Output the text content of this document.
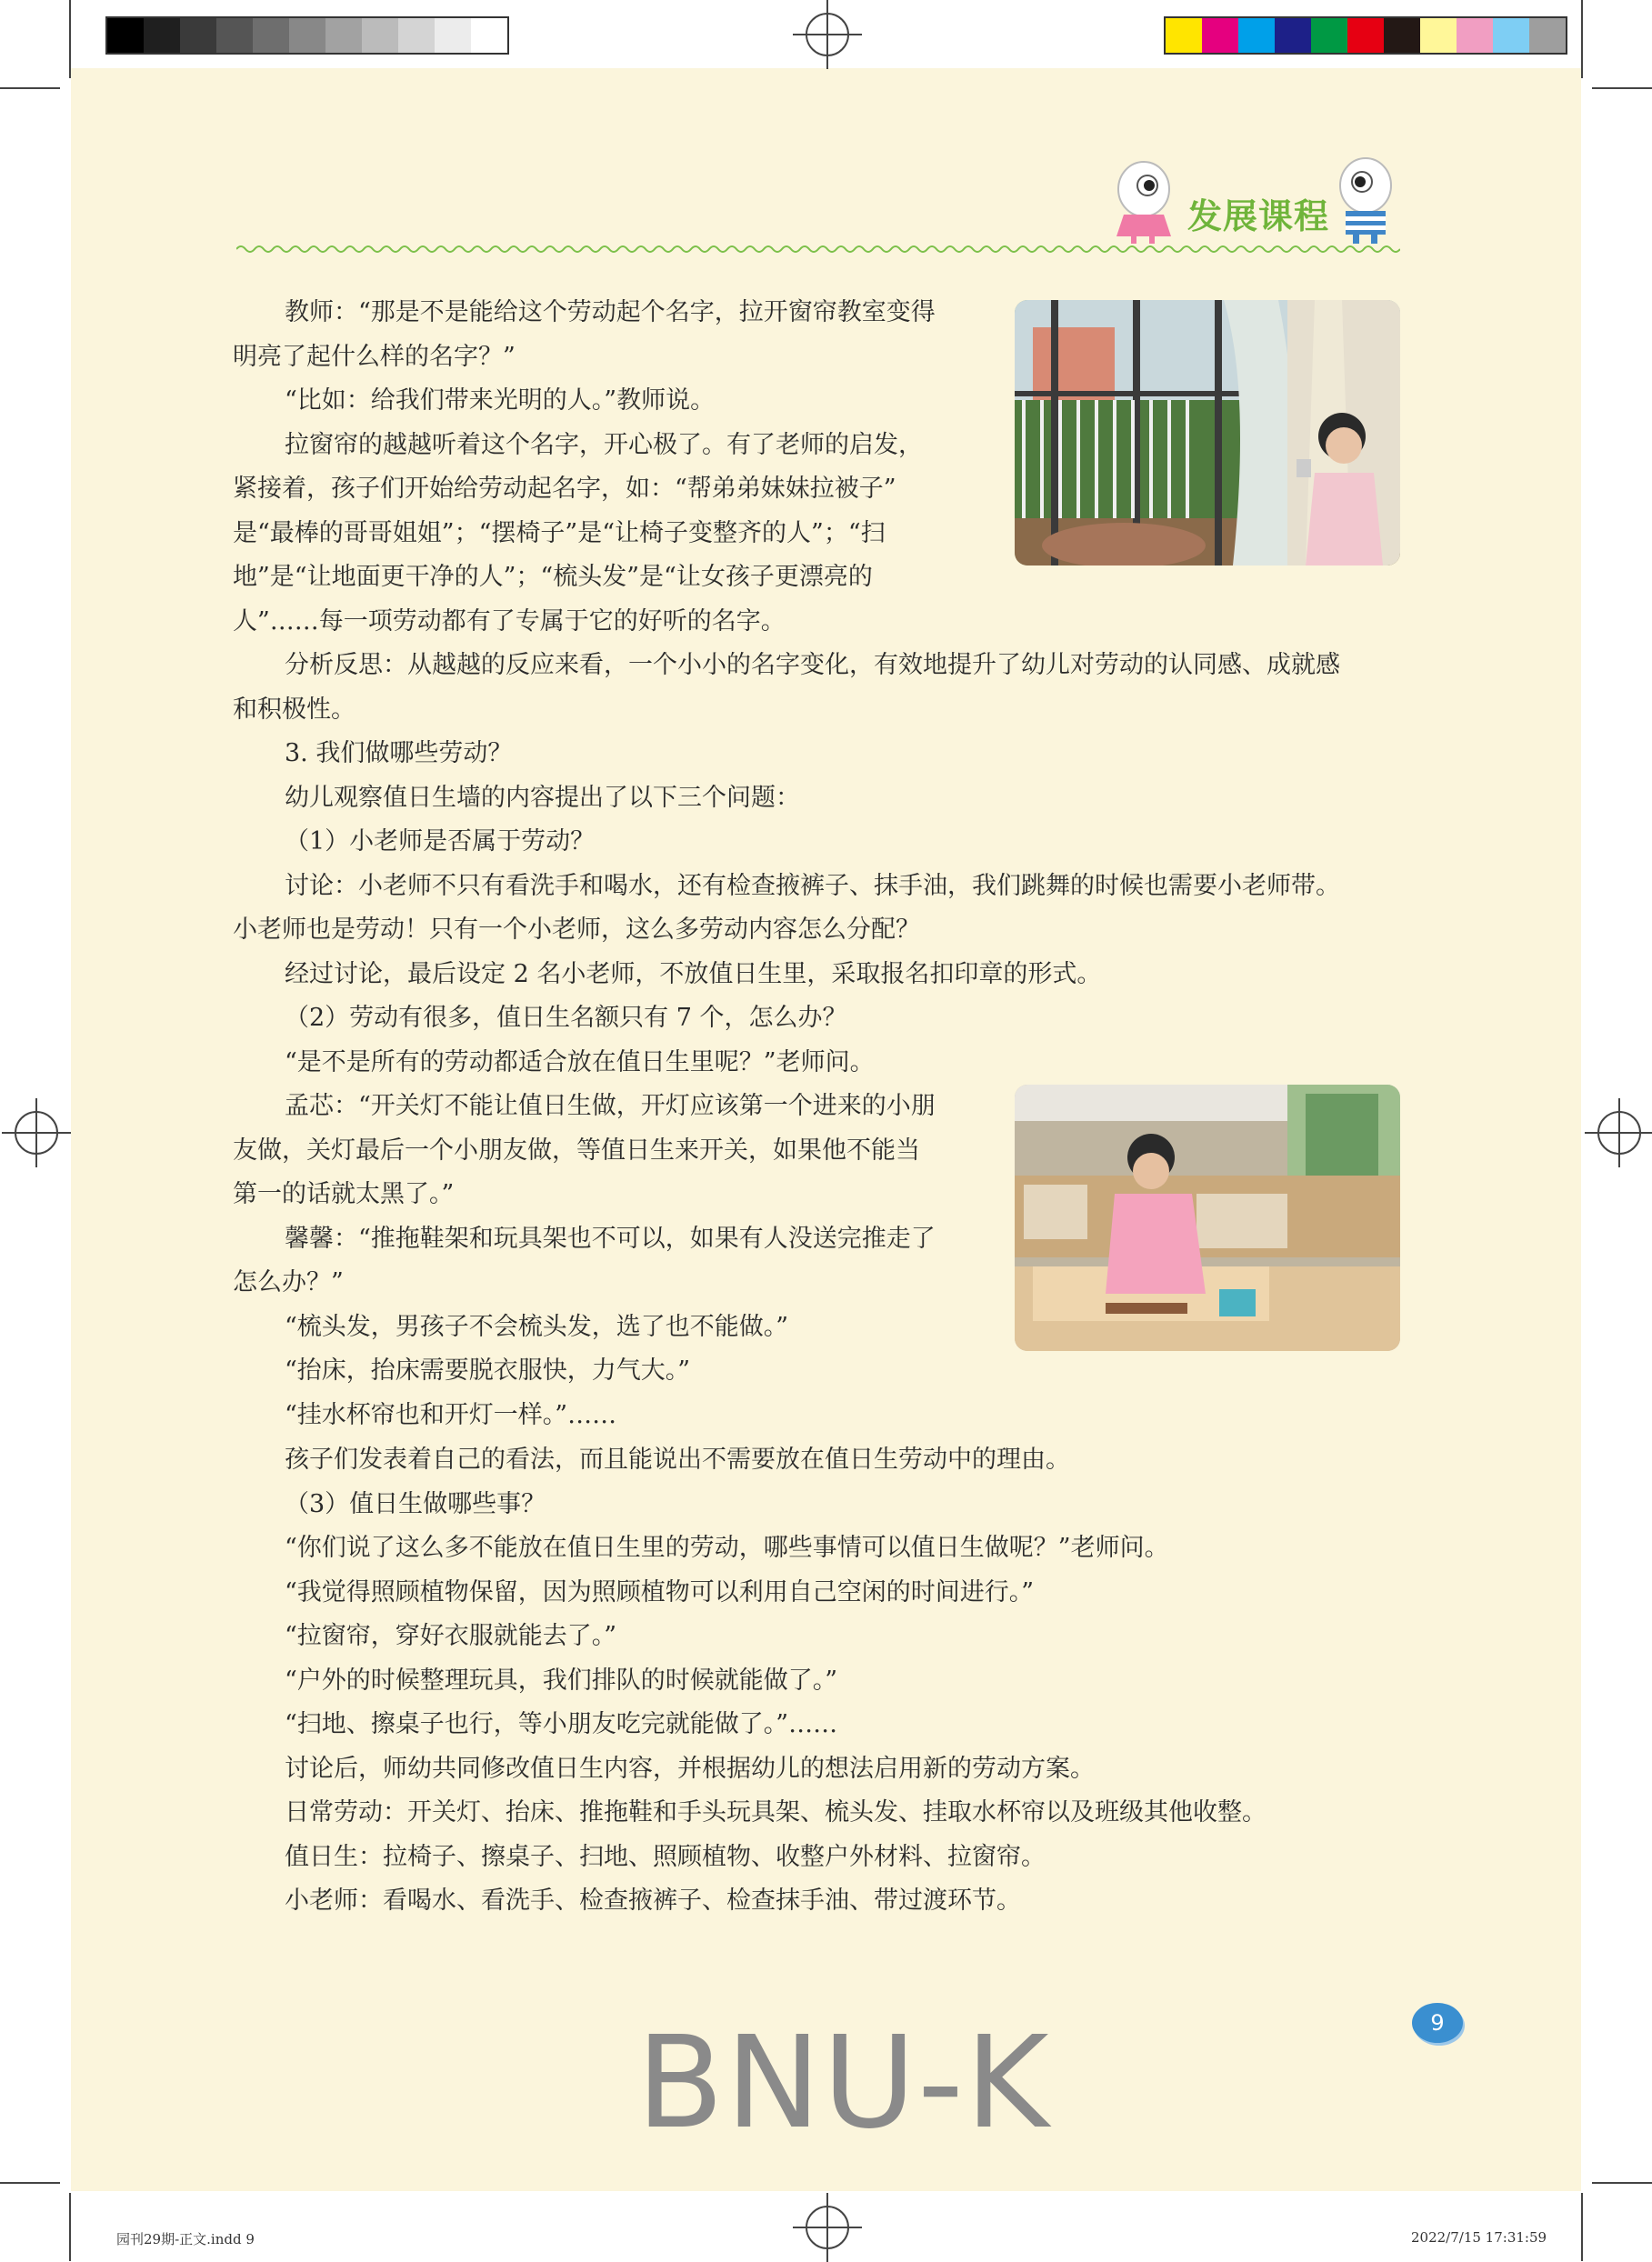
发展课程

教师：“那是不是能给这个劳动起个名字，拉开窗帘教室变得

明亮了起什么样的名字？”

“比如：给我们带来光明的人。”教师说。

拉窗帘的越越听着这个名字，开心极了。有了老师的启发，

紧接着，孩子们开始给劳动起名字，如：“帮弟弟妹妹拉被子”

是“最棒的哥哥姐姐”；“摆椅子”是“让椅子变整齐的人”；“扫

地”是“让地面更干净的人”；“梳头发”是“让女孩子更漂亮的

人”……每一项劳动都有了专属于它的好听的名字。

分析反思：从越越的反应来看，一个小小的名字变化，有效地提升了幼儿对劳动的认同感、成就感

和积极性。

3. 我们做哪些劳动？

幼儿观察值日生墙的内容提出了以下三个问题：

（1）小老师是否属于劳动？

讨论：小老师不只有看洗手和喝水，还有检查掖裤子、抹手油，我们跳舞的时候也需要小老师带。

小老师也是劳动！只有一个小老师，这么多劳动内容怎么分配？

经过讨论，最后设定 2 名小老师，不放值日生里，采取报名扣印章的形式。

（2）劳动有很多，值日生名额只有 7 个，怎么办？

“是不是所有的劳动都适合放在值日生里呢？”老师问。

孟芯：“开关灯不能让值日生做，开灯应该第一个进来的小朋

友做，关灯最后一个小朋友做，等值日生来开关，如果他不能当

第一的话就太黑了。”

馨馨：“推拖鞋架和玩具架也不可以，如果有人没送完推走了

怎么办？”

“梳头发，男孩子不会梳头发，选了也不能做。”

“抬床，抬床需要脱衣服快，力气大。”

“挂水杯帘也和开灯一样。”……

孩子们发表着自己的看法，而且能说出不需要放在值日生劳动中的理由。

（3）值日生做哪些事？

“你们说了这么多不能放在值日生里的劳动，哪些事情可以值日生做呢？”老师问。

“我觉得照顾植物保留，因为照顾植物可以利用自己空闲的时间进行。”

“拉窗帘，穿好衣服就能去了。”

“户外的时候整理玩具，我们排队的时候就能做了。”

“扫地、擦桌子也行，等小朋友吃完就能做了。”……

讨论后，师幼共同修改值日生内容，并根据幼儿的想法启用新的劳动方案。

日常劳动：开关灯、抬床、推拖鞋和手头玩具架、梳头发、挂取水杯帘以及班级其他收整。

值日生：拉椅子、擦桌子、扫地、照顾植物、收整户外材料、拉窗帘。

小老师：看喝水、看洗手、检查掖裤子、检查抹手油、带过渡环节。

9
BNU-K
园刊29期-正文.indd 9	2022/7/15 17:31:59
